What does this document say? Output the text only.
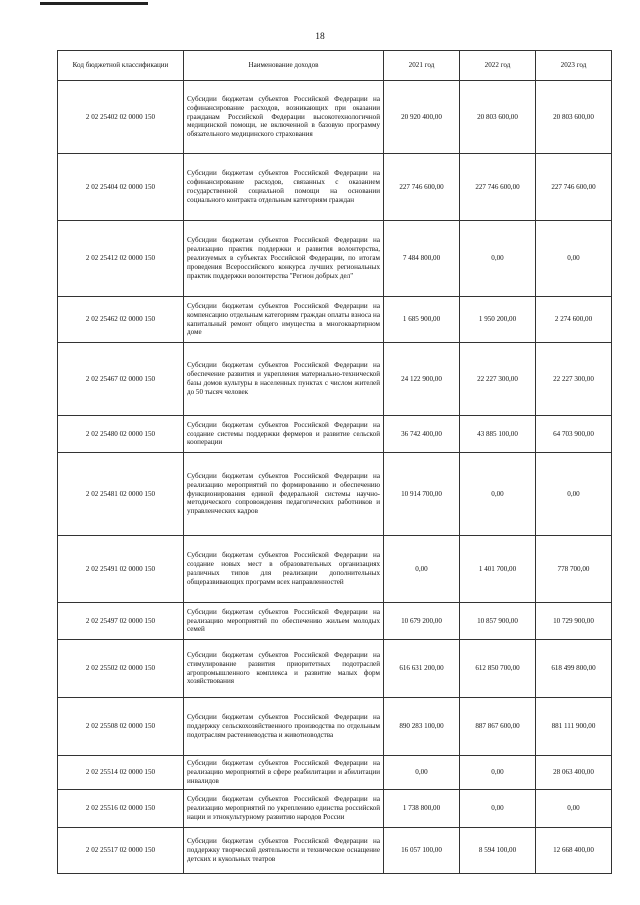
18
Код бюджетной классификации	Наименование доходов	2021 год	2022 год	2023 год
2 02 25402 02 0000 150	Субсидии бюджетам субъектов Российской Федерации на софинансирование расходов, возникающих при оказании гражданам Российской Федерации высокотехнологичной медицинской помощи, не включенной в базовую программу обязательного медицинского страхования	20 920 400,00	20 803 600,00	20 803 600,00
2 02 25404 02 0000 150	Субсидии бюджетам субъектов Российской Федерации на софинансирование расходов, связанных с оказанием государственной социальной помощи на основании социального контракта отдельным категориям граждан	227 746 600,00	227 746 600,00	227 746 600,00
2 02 25412 02 0000 150	Субсидии бюджетам субъектов Российской Федерации на реализацию практик поддержки и развития волонтерства, реализуемых в субъектах Российской Федерации, по итогам проведения Всероссийского конкурса лучших региональных практик поддержки волонтерства "Регион добрых дел"	7 484 800,00	0,00	0,00
2 02 25462 02 0000 150	Субсидии бюджетам субъектов Российской Федерации на компенсацию отдельным категориям граждан оплаты взноса на капитальный ремонт общего имущества в многоквартирном доме	1 685 900,00	1 950 200,00	2 274 600,00
2 02 25467 02 0000 150	Субсидии бюджетам субъектов Российской Федерации на обеспечение развития и укрепления материально-технической базы домов культуры в населенных пунктах с числом жителей до 50 тысяч человек	24 122 900,00	22 227 300,00	22 227 300,00
2 02 25480 02 0000 150	Субсидии бюджетам субъектов Российской Федерации на создание системы поддержки фермеров и развитие сельской кооперации	36 742 400,00	43 885 100,00	64 703 900,00
2 02 25481 02 0000 150	Субсидии бюджетам субъектов Российской Федерации на реализацию мероприятий по формированию и обеспечению функционирования единой федеральной системы научно-методического сопровождения педагогических работников и управленческих кадров	10 914 700,00	0,00	0,00
2 02 25491 02 0000 150	Субсидии бюджетам субъектов Российской Федерации на создание новых мест в образовательных организациях различных типов для реализации дополнительных общеразвивающих программ всех направленностей	0,00	1 401 700,00	778 700,00
2 02 25497 02 0000 150	Субсидии бюджетам субъектов Российской Федерации на реализацию мероприятий по обеспечению жильем молодых семей	10 679 200,00	10 857 900,00	10 729 900,00
2 02 25502 02 0000 150	Субсидии бюджетам субъектов Российской Федерации на стимулирование развития приоритетных подотраслей агропромышленного комплекса и развитие малых форм хозяйствования	616 631 200,00	612 850 700,00	618 499 800,00
2 02 25508 02 0000 150	Субсидии бюджетам субъектов Российской Федерации на поддержку сельскохозяйственного производства по отдельным подотраслям растениеводства и животноводства	890 283 100,00	887 867 600,00	881 111 900,00
2 02 25514 02 0000 150	Субсидии бюджетам субъектов Российской Федерации на реализацию мероприятий в сфере реабилитации и абилитации инвалидов	0,00	0,00	28 063 400,00
2 02 25516 02 0000 150	Субсидии бюджетам субъектов Российской Федерации на реализацию мероприятий по укреплению единства российской нации и этнокультурному развитию народов России	1 738 800,00	0,00	0,00
2 02 25517 02 0000 150	Субсидии бюджетам субъектов Российской Федерации на поддержку творческой деятельности и техническое оснащение детских и кукольных театров	16 057 100,00	8 594 100,00	12 668 400,00
